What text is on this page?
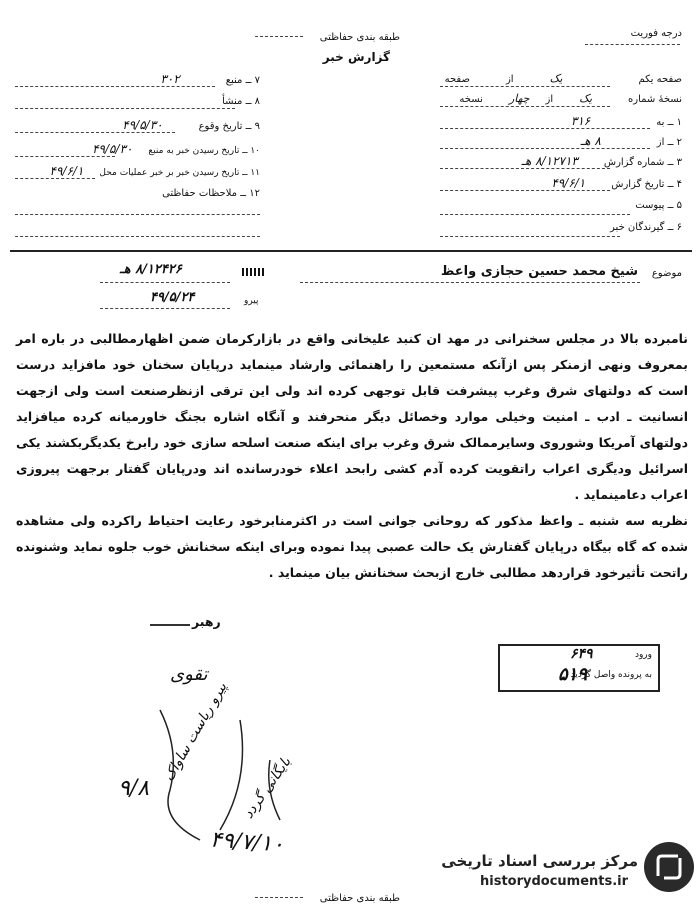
طبقه بندی حفاظتی	درجه فوریت
گزارش خبر
صفحه یکم
یک
از
صفحه
نسخهٔ شماره
یک
از
چهار
نسخه
۱ ــ به
۳۱۶
۲ ــ از
۸ هـ
۳ ــ شماره گزارش
۸/۱۲۷۱۳ هـ
۴ ــ تاریخ گزارش
۴۹/۶/۱
۵ ــ پیوست
۶ ــ گیرندگان خبر
۷ ــ منبع
۳۰۲
۸ ــ منشأ
۹ ــ تاریخ وقوع
۴۹/۵/۳۰
۱۰ ــ تاریخ رسیدن خبر به منبع
۴۹/۵/۳۰
۱۱ ــ تاریخ رسیدن خبر بر خبر عملیات محل
۴۹/۶/۱
۱۲ ــ ملاحظات حفاظتی
موضوع
شیخ محمد حسین حجازی واعظ
پیرو
۸/۱۲۴۲۶ هـ
۴۹/۵/۲۴

نامبرده بالا در مجلس سخنرانی در مهد ان کنبد علیخانی واقع در بازارکرمان ضمن اظهارمطالبی در باره امر بمعروف ونهی ازمنکر پس ازآنکه مستمعین را راهنمائی وارشاد مینماید درپایان سخنان خود مافزاید درست است که دولتهای شرق وغرب پیشرفت قابل توجهی کرده اند ولی این ترقی ازنظرصنعت است ولی ازجهت انسانیت ـ ادب ـ امنیت وخیلی موارد وخصائل دیگر منحرفند و آنگاه اشاره بجنگ خاورمیانه کرده میافزاید دولتهای آمریکا وشوروی وسایرممالک شرق وغرب برای اینکه صنعت اسلحه سازی خود رابرخ یکدیگربکشند یکی اسرائیل ودیگری اعراب راتقویت کرده آدم کشی رابحد اعلاء خودرسانده اند ودرپایان گفتار برجهت پیروزی اعراب دعامینماید .

نظریه سه شنبه ـ واعظ مذکور که روحانی جوانی است در اکثرمنابرخود رعایت احتیاط راکرده ولی مشاهده شده که گاه بیگاه درپایان گفتارش یک حالت عصبی پیدا نموده وبرای اینکه سخنانش خوب جلوه نماید وشنونده راتحت تأثیرخود قراردهد مطالبی خارج ازبحث سخنانش بیان مینماید .

رهبر
ورود
به پرونده واصل گردید
۶۴۹
۵۱۹
تقوی
پیرو ریاست ساواک
بایگانی گردد
۹/۸
۴۹/۷/۱۰
طبقه بندی حفاظتی
مرکز بررسی اسناد تاریخی
historydocuments.ir
